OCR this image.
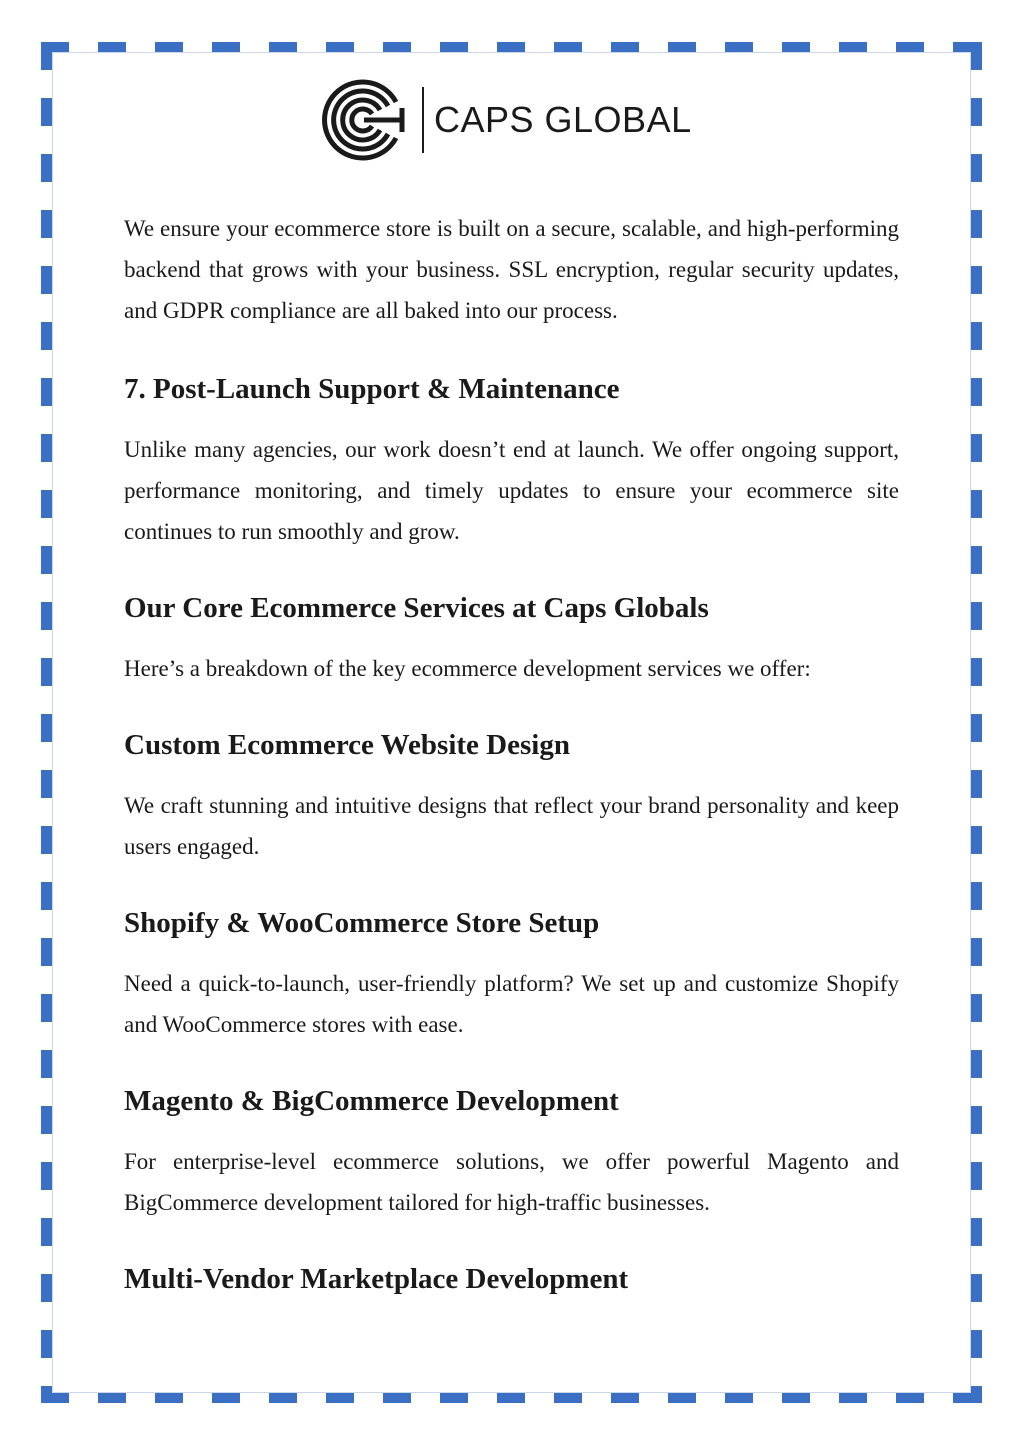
CAPS GLOBAL

We ensure your ecommerce store is built on a secure, scalable, and high-performing backend that grows with your business. SSL encryption, regular security updates, and GDPR compliance are all baked into our process.

7. Post-Launch Support & Maintenance

Unlike many agencies, our work doesn’t end at launch. We offer ongoing support, performance monitoring, and timely updates to ensure your ecommerce site continues to run smoothly and grow.

Our Core Ecommerce Services at Caps Globals

Here’s a breakdown of the key ecommerce development services we offer:

Custom Ecommerce Website Design

We craft stunning and intuitive designs that reflect your brand personality and keep users engaged.

Shopify & WooCommerce Store Setup

Need a quick-to-launch, user-friendly platform? We set up and customize Shopify and WooCommerce stores with ease.

Magento & BigCommerce Development

For enterprise-level ecommerce solutions, we offer powerful Magento and BigCommerce development tailored for high-traffic businesses.

Multi-Vendor Marketplace Development
